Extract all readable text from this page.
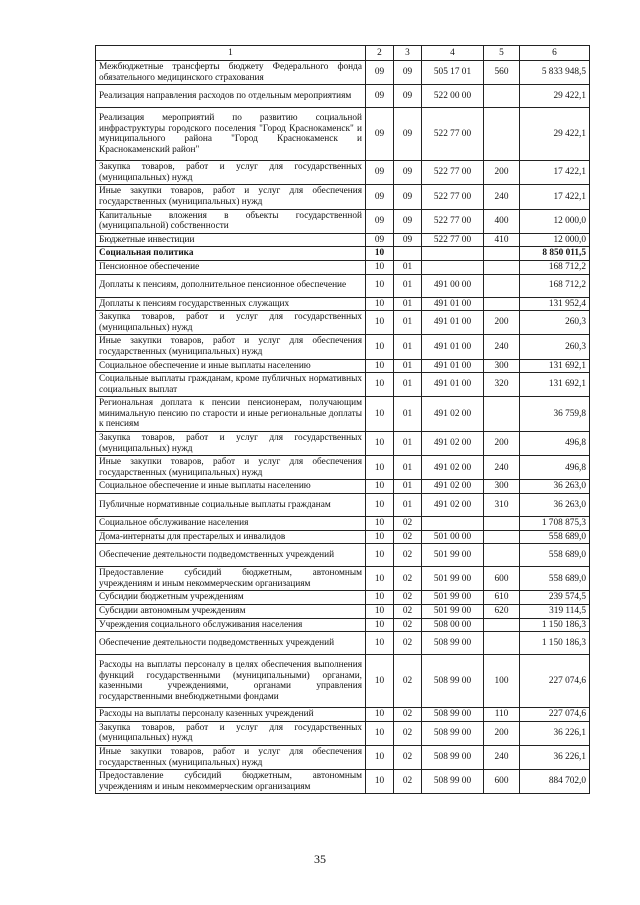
1	2	3	4	5	6
Межбюджетные трансферты бюджету Федерального фонда обязательного медицинского страхования	09	09	505 17 01	560	5 833 948,5
Реализация направления расходов по отдельным мероприятиям	09	09	522 00 00		29 422,1
Реализация мероприятий по развитию социальной инфраструктуры городского поселения "Город Краснокаменск" и муниципального района "Город Краснокаменск и Краснокаменский район"	09	09	522 77 00		29 422,1
Закупка товаров, работ и услуг для государственных (муниципальных) нужд	09	09	522 77 00	200	17 422,1
Иные закупки товаров, работ и услуг для обеспечения государственных (муниципальных) нужд	09	09	522 77 00	240	17 422,1
Капитальные вложения в объекты государственной (муниципальной) собственности	09	09	522 77 00	400	12 000,0
Бюджетные инвестиции	09	09	522 77 00	410	12 000,0
Социальная политика	10				8 850 011,5
Пенсионное обеспечение	10	01			168 712,2
Доплаты к пенсиям, дополнительное пенсионное обеспечение	10	01	491 00 00		168 712,2
Доплаты к пенсиям государственных служащих	10	01	491 01 00		131 952,4
Закупка товаров, работ и услуг для государственных (муниципальных) нужд	10	01	491 01 00	200	260,3
Иные закупки товаров, работ и услуг для обеспечения государственных (муниципальных) нужд	10	01	491 01 00	240	260,3
Социальное обеспечение и иные выплаты населению	10	01	491 01 00	300	131 692,1
Социальные выплаты гражданам, кроме публичных нормативных социальных выплат	10	01	491 01 00	320	131 692,1
Региональная доплата к пенсии пенсионерам, получающим минимальную пенсию по старости и иные региональные доплаты к пенсиям	10	01	491 02 00		36 759,8
Закупка товаров, работ и услуг для государственных (муниципальных) нужд	10	01	491 02 00	200	496,8
Иные закупки товаров, работ и услуг для обеспечения государственных (муниципальных) нужд	10	01	491 02 00	240	496,8
Социальное обеспечение и иные выплаты населению	10	01	491 02 00	300	36 263,0
Публичные нормативные социальные выплаты гражданам	10	01	491 02 00	310	36 263,0
Социальное обслуживание населения	10	02			1 708 875,3
Дома-интернаты для престарелых и инвалидов	10	02	501 00 00		558 689,0
Обеспечение деятельности подведомственных учреждений	10	02	501 99 00		558 689,0
Предоставление субсидий бюджетным, автономным учреждениям и иным некоммерческим организациям	10	02	501 99 00	600	558 689,0
Субсидии бюджетным учреждениям	10	02	501 99 00	610	239 574,5
Субсидии автономным учреждениям	10	02	501 99 00	620	319 114,5
Учреждения социального обслуживания населения	10	02	508 00 00		1 150 186,3
Обеспечение деятельности подведомственных учреждений	10	02	508 99 00		1 150 186,3
Расходы на выплаты персоналу в целях обеспечения выполнения функций государственными (муниципальными) органами, казенными учреждениями, органами управления государственными внебюджетными фондами	10	02	508 99 00	100	227 074,6
Расходы на выплаты персоналу казенных учреждений	10	02	508 99 00	110	227 074,6
Закупка товаров, работ и услуг для государственных (муниципальных) нужд	10	02	508 99 00	200	36 226,1
Иные закупки товаров, работ и услуг для обеспечения государственных (муниципальных) нужд	10	02	508 99 00	240	36 226,1
Предоставление субсидий бюджетным, автономным учреждениям и иным некоммерческим организациям	10	02	508 99 00	600	884 702,0
35
